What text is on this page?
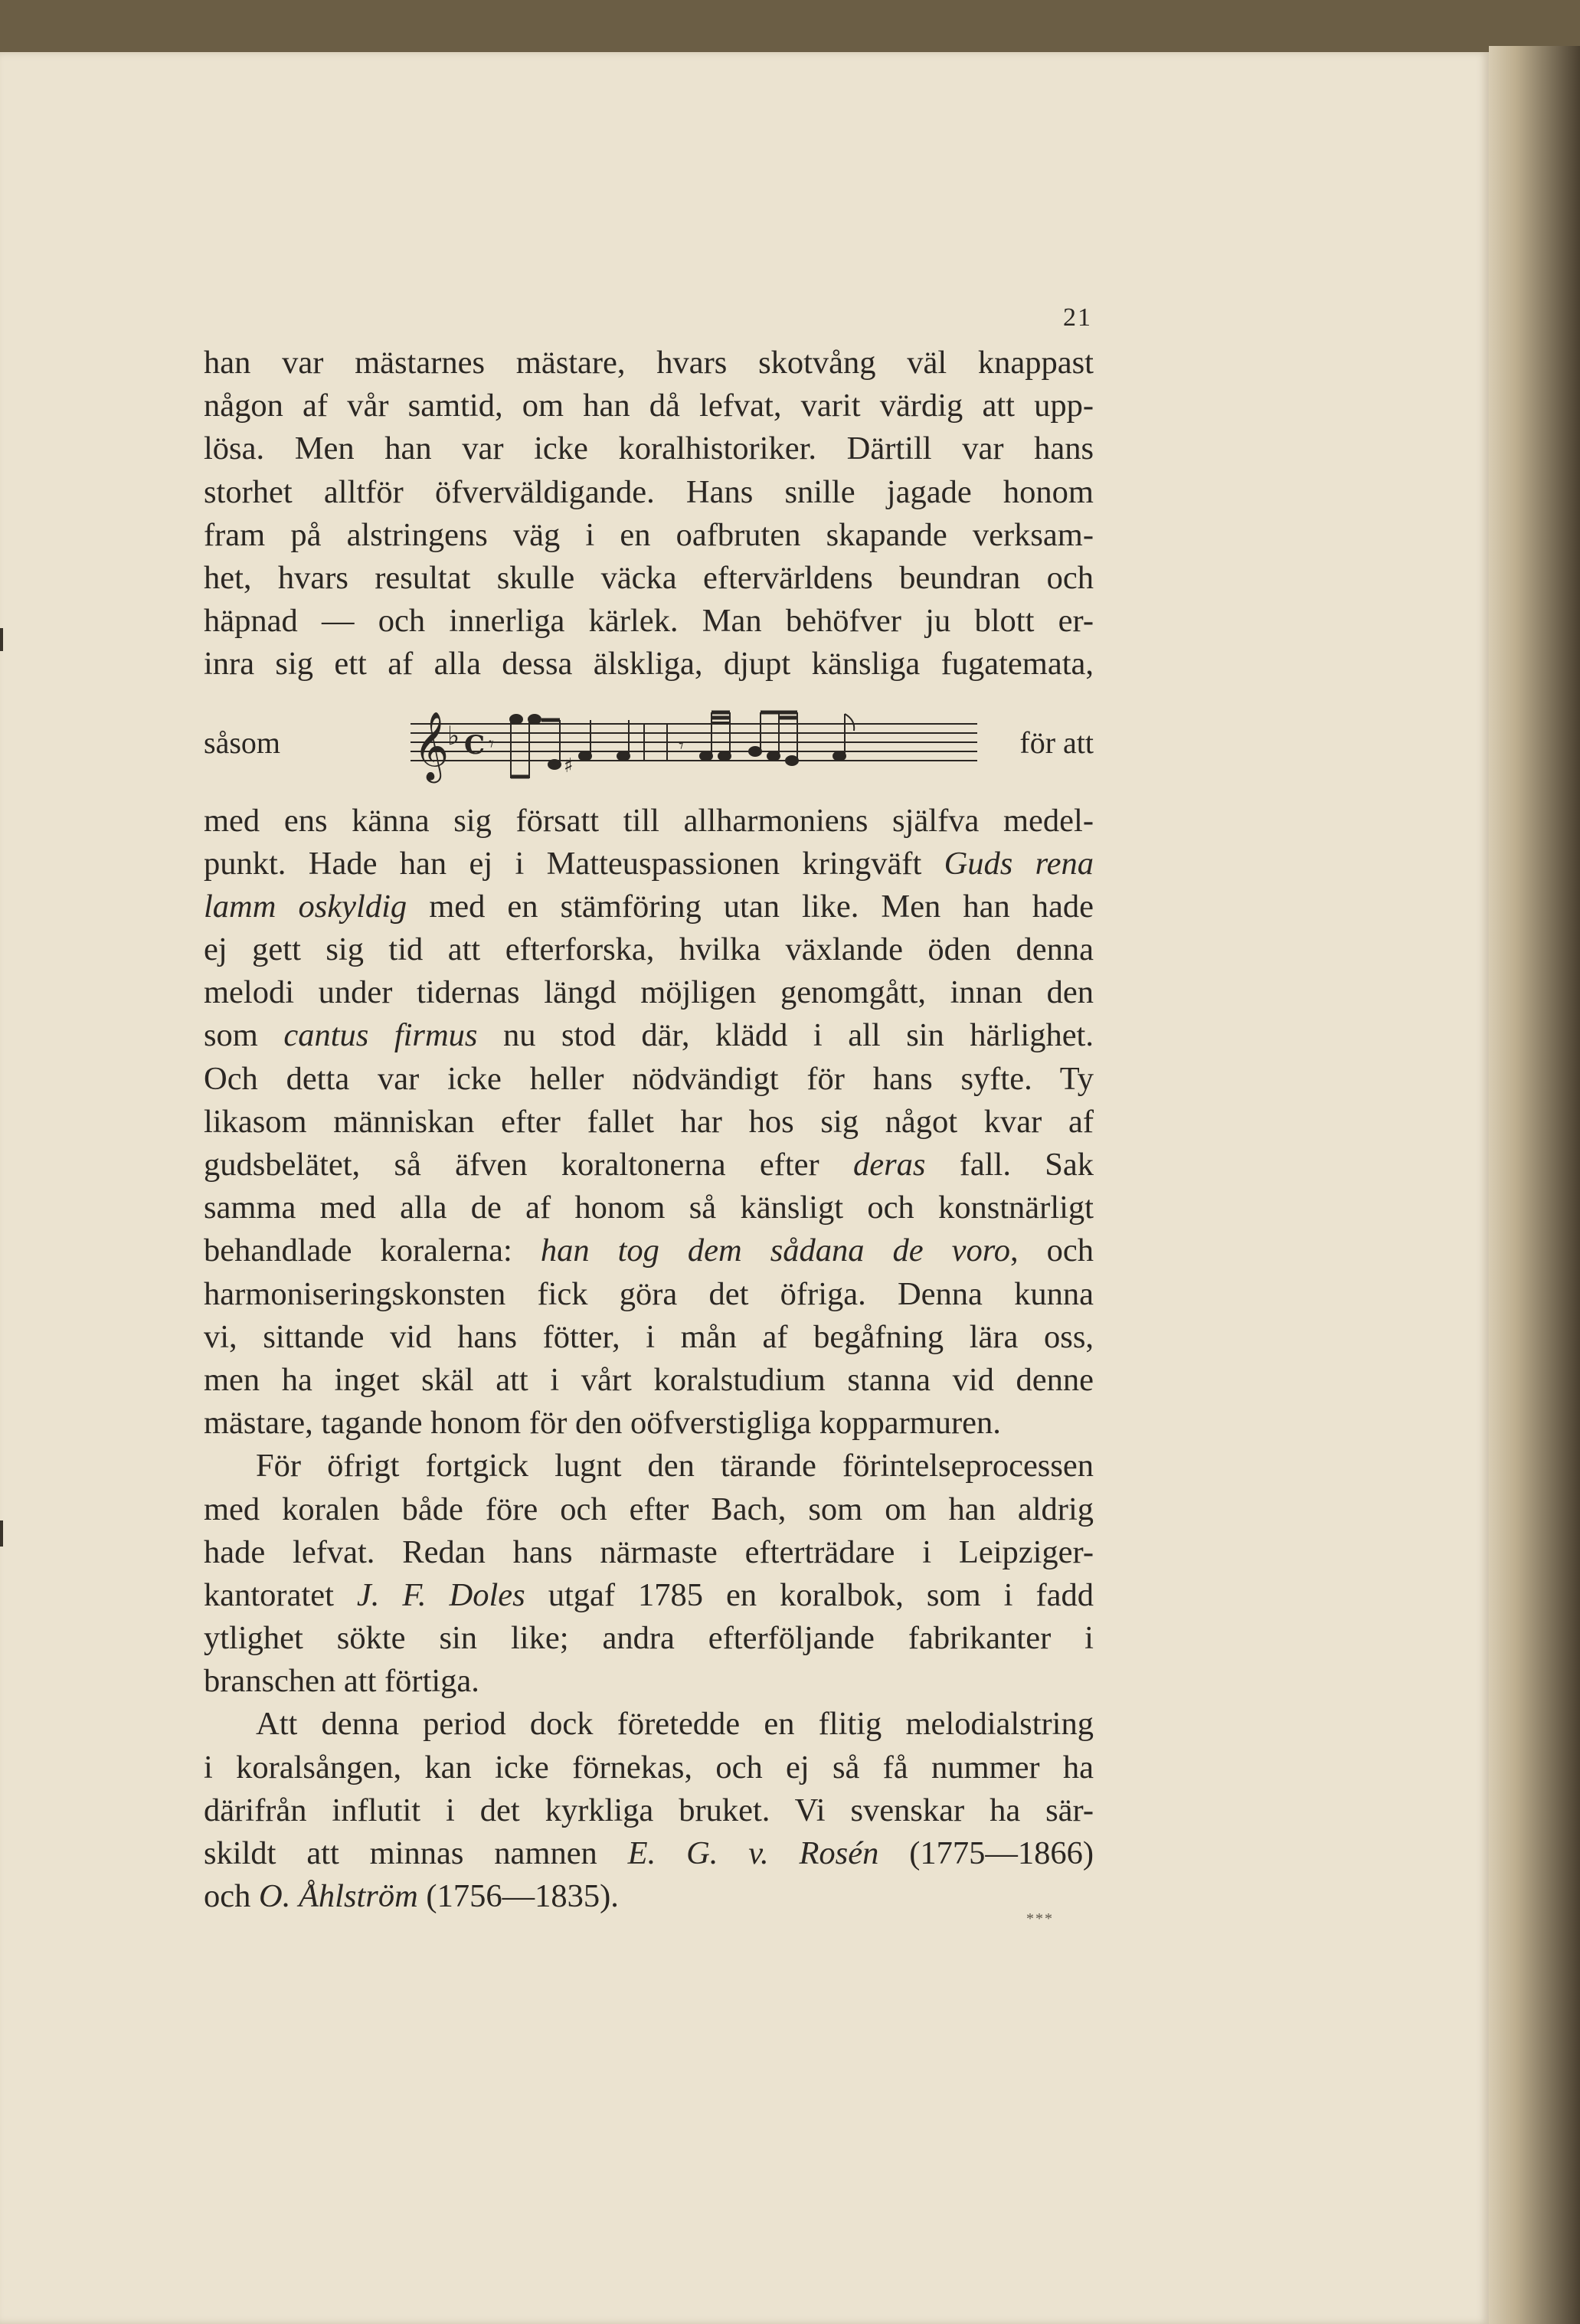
21
han var mästarnes mästare, hvars skotvång väl knappast
någon af vår samtid, om han då lefvat, varit värdig att upp-
lösa. Men han var icke koralhistoriker. Därtill var hans
storhet alltför öfverväldigande. Hans snille jagade honom
fram på alstringens väg i en oafbruten skapande verksam-
het, hvars resultat skulle väcka eftervärldens beundran och
häpnad — och innerliga kärlek. Man behöfver ju blott er-
inra sig ett af alla dessa älskliga, djupt känsliga fugatemata,
såsom 𝄞
♭ C 𝄾
♯
𝄾	för att
med ens känna sig försatt till allharmoniens själfva medel-
punkt. Hade han ej i Matteuspassionen kringväft Guds rena
lamm oskyldig med en stämföring utan like. Men han hade
ej gett sig tid att efterforska, hvilka växlande öden denna
melodi under tidernas längd möjligen genomgått, innan den
som cantus firmus nu stod där, klädd i all sin härlighet.
Och detta var icke heller nödvändigt för hans syfte. Ty
likasom människan efter fallet har hos sig något kvar af
gudsbelätet, så äfven koraltonerna efter deras fall. Sak
samma med alla de af honom så känsligt och konstnärligt
behandlade koralerna: han tog dem sådana de voro, och
harmoniseringskonsten fick göra det öfriga. Denna kunna
vi, sittande vid hans fötter, i mån af begåfning lära oss,
men ha inget skäl att i vårt koralstudium stanna vid denne
mästare, tagande honom för den oöfverstigliga kopparmuren.
För öfrigt fortgick lugnt den tärande förintelseprocessen
med koralen både före och efter Bach, som om han aldrig
hade lefvat. Redan hans närmaste efterträdare i Leipziger-
kantoratet J. F. Doles utgaf 1785 en koralbok, som i fadd
ytlighet sökte sin like; andra efterföljande fabrikanter i
branschen att förtiga.
Att denna period dock företedde en flitig melodialstring
i koralsången, kan icke förnekas, och ej så få nummer ha
därifrån influtit i det kyrkliga bruket. Vi svenskar ha sär-
skildt att minnas namnen E. G. v. Rosén (1775—1866)
och O. Åhlström (1756—1835).
***
